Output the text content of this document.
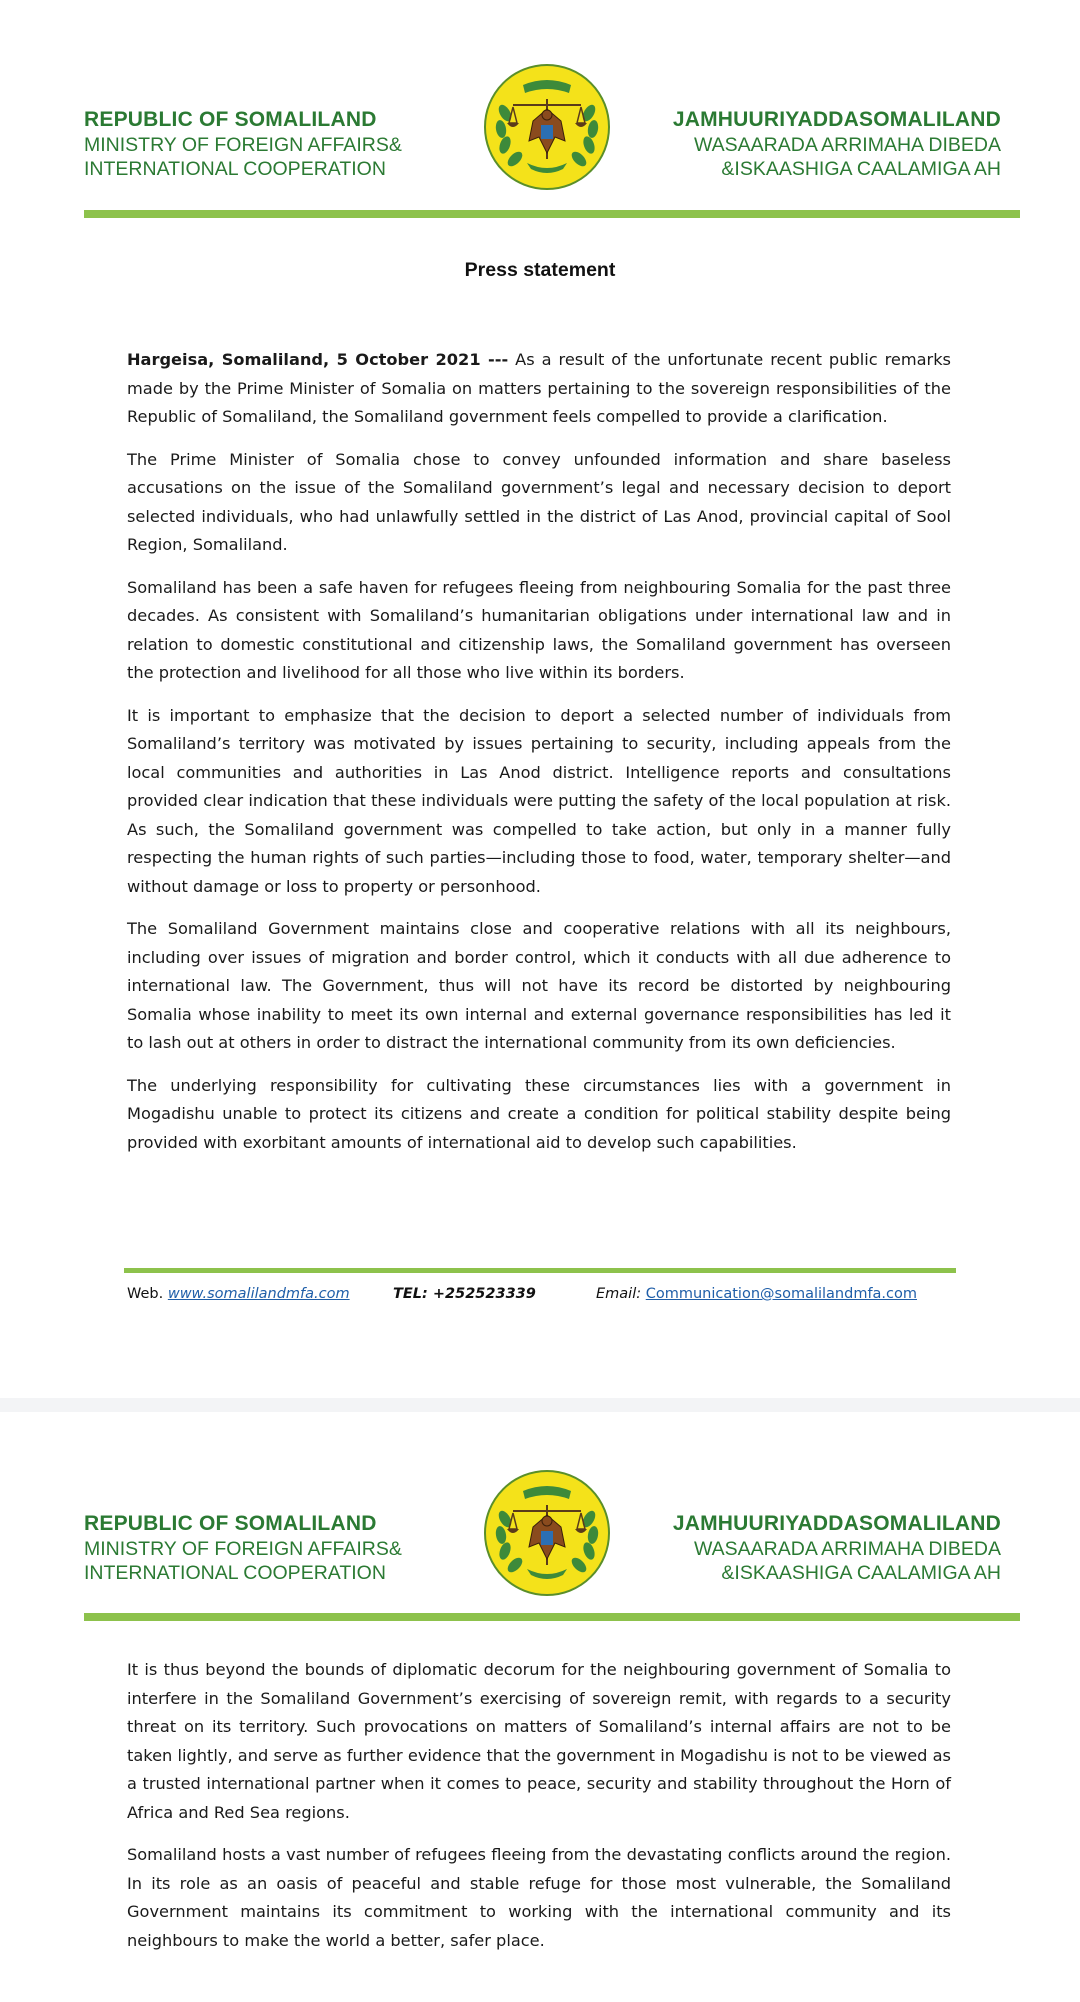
REPUBLIC OF SOMALILAND
MINISTRY OF FOREIGN AFFAIRS&
INTERNATIONAL COOPERATION
JAMHUURIYADDASOMALILAND
WASAARADA ARRIMAHA DIBEDA
&ISKAASHIGA CAALAMIGA AH
Press statement

Hargeisa, Somaliland, 5 October 2021 --- As a result of the unfortunate recent public remarks made by the Prime Minister of Somalia on matters pertaining to the sovereign responsibilities of the Republic of Somaliland, the Somaliland government feels compelled to provide a clarification.

The Prime Minister of Somalia chose to convey unfounded information and share baseless accusations on the issue of the Somaliland government’s legal and necessary decision to deport selected individuals, who had unlawfully settled in the district of Las Anod, provincial capital of Sool Region, Somaliland.

Somaliland has been a safe haven for refugees fleeing from neighbouring Somalia for the past three decades. As consistent with Somaliland’s humanitarian obligations under international law and in relation to domestic constitutional and citizenship laws, the Somaliland government has overseen the protection and livelihood for all those who live within its borders.

It is important to emphasize that the decision to deport a selected number of individuals from Somaliland’s territory was motivated by issues pertaining to security, including appeals from the local communities and authorities in Las Anod district. Intelligence reports and consultations provided clear indication that these individuals were putting the safety of the local population at risk. As such, the Somaliland government was compelled to take action, but only in a manner fully respecting the human rights of such parties—including those to food, water, temporary shelter—and without damage or loss to property or personhood.

The Somaliland Government maintains close and cooperative relations with all its neighbours, including over issues of migration and border control, which it conducts with all due adherence to international law. The Government, thus will not have its record be distorted by neighbouring Somalia whose inability to meet its own internal and external governance responsibilities has led it to lash out at others in order to distract the international community from its own deficiencies.

The underlying responsibility for cultivating these circumstances lies with a government in Mogadishu unable to protect its citizens and create a condition for political stability despite being provided with exorbitant amounts of international aid to develop such capabilities.

Web. www.somalilandmfa.com	TEL: +252523339	Email: Communication@somalilandmfa.com
REPUBLIC OF SOMALILAND
MINISTRY OF FOREIGN AFFAIRS&
INTERNATIONAL COOPERATION
JAMHUURIYADDASOMALILAND
WASAARADA ARRIMAHA DIBEDA
&ISKAASHIGA CAALAMIGA AH

It is thus beyond the bounds of diplomatic decorum for the neighbouring government of Somalia to interfere in the Somaliland Government’s exercising of sovereign remit, with regards to a security threat on its territory. Such provocations on matters of Somaliland’s internal affairs are not to be taken lightly, and serve as further evidence that the government in Mogadishu is not to be viewed as a trusted international partner when it comes to peace, security and stability throughout the Horn of Africa and Red Sea regions.

Somaliland hosts a vast number of refugees fleeing from the devastating conflicts around the region. In its role as an oasis of peaceful and stable refuge for those most vulnerable, the Somaliland Government maintains its commitment to working with the international community and its neighbours to make the world a better, safer place.
